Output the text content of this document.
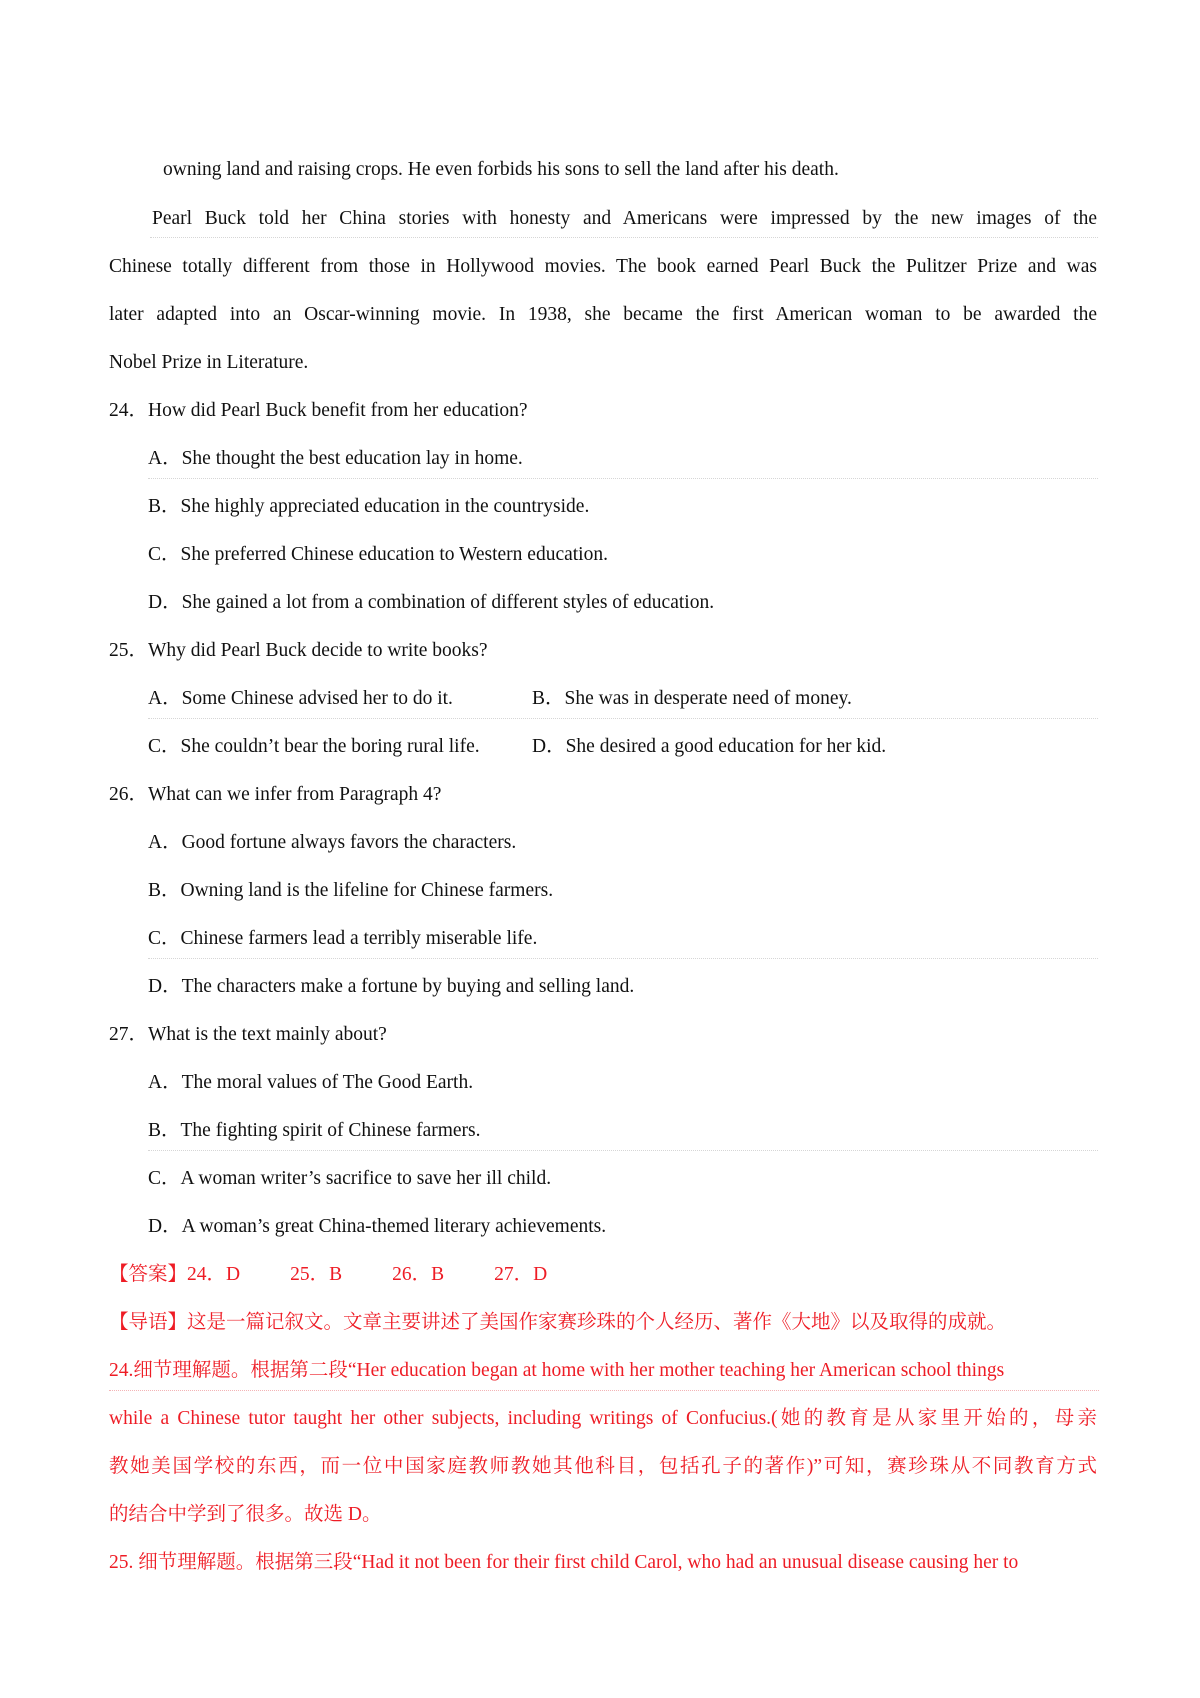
owning land and raising crops. He even forbids his sons to sell the land after his death.
Pearl Buck told her China stories with honesty and Americans were impressed by the new images of the
Chinese totally different from those in Hollywood movies. The book earned Pearl Buck the Pulitzer Prize and was
later adapted into an Oscar-winning movie. In 1938, she became the first American woman to be awarded the
Nobel Prize in Literature.
24．How did Pearl Buck benefit from her education?
A．She thought the best education lay in home.
B．She highly appreciated education in the countryside.
C．She preferred Chinese education to Western education.
D．She gained a lot from a combination of different styles of education.
25．Why did Pearl Buck decide to write books?
A．Some Chinese advised her to do it.	B．She was in desperate need of money.
C．She couldn’t bear the boring rural life.	D．She desired a good education for her kid.
26．What can we infer from Paragraph 4?
A．Good fortune always favors the characters.
B．Owning land is the lifeline for Chinese farmers.
C．Chinese farmers lead a terribly miserable life.
D．The characters make a fortune by buying and selling land.
27．What is the text mainly about?
A．The moral values of The Good Earth.
B．The fighting spirit of Chinese farmers.
C．A woman writer’s sacrifice to save her ill child.
D．A woman’s great China-themed literary achievements.
【答案】24．D	25．B	26．B	27．D
【导语】这是一篇记叙文。文章主要讲述了美国作家赛珍珠的个人经历、著作《大地》以及取得的成就。
24.细节理解题。根据第二段“Her education began at home with her mother teaching her American school things
while a Chinese tutor taught her other subjects, including writings of Confucius.(她的教育是从家里开始的，母亲
教她美国学校的东西，而一位中国家庭教师教她其他科目，包括孔子的著作)”可知，赛珍珠从不同教育方式
的结合中学到了很多。故选 D。
25. 细节理解题。根据第三段“Had it not been for their first child Carol, who had an unusual disease causing her to
